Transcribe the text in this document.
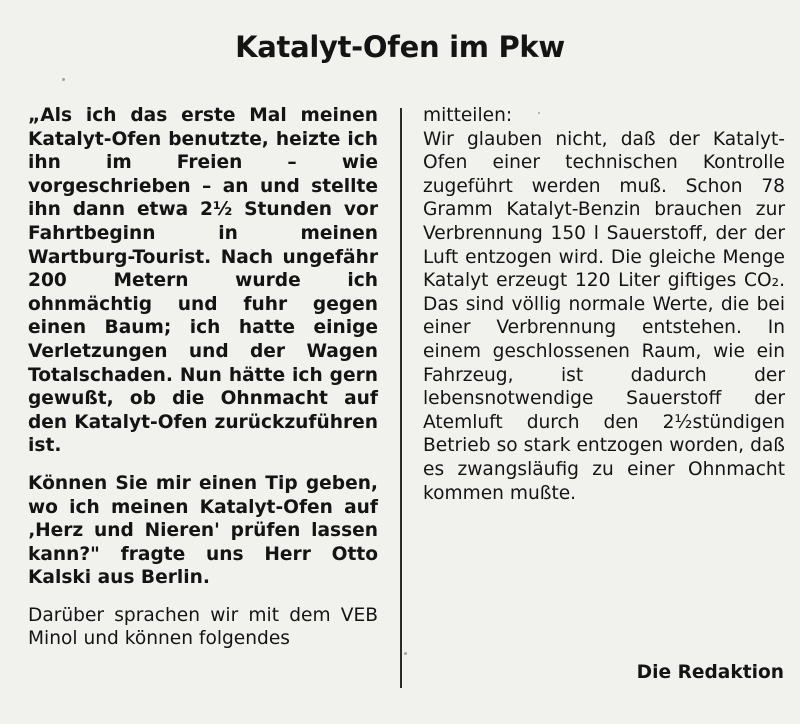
Katalyt-Ofen im Pkw

„Als ich das erste Mal meinen Katalyt-Ofen benutzte, heizte ich ihn im Freien – wie vorgeschrieben – an und stellte ihn dann etwa 2½ Stunden vor Fahrtbeginn in meinen Wartburg-Tourist. Nach ungefähr 200 Metern wurde ich ohnmächtig und fuhr gegen einen Baum; ich hatte einige Verletzungen und der Wagen Totalschaden. Nun hätte ich gern gewußt, ob die Ohnmacht auf den Katalyt-Ofen zurückzuführen ist.

Können Sie mir einen Tip geben, wo ich meinen Katalyt-Ofen auf ‚Herz und Nieren' prüfen lassen kann?" fragte uns Herr Otto Kalski aus Berlin.

Darüber sprachen wir mit dem VEB Minol und können folgendes

mitteilen:

Wir glauben nicht, daß der Katalyt-Ofen einer technischen Kontrolle zugeführt werden muß. Schon 78 Gramm Katalyt-Benzin brauchen zur Verbrennung 150 l Sauerstoff, der der Luft entzogen wird. Die gleiche Menge Katalyt erzeugt 120 Liter giftiges CO₂. Das sind völlig normale Werte, die bei einer Verbrennung entstehen. In einem geschlossenen Raum, wie ein Fahrzeug, ist dadurch der lebensnotwendige Sauerstoff der Atemluft durch den 2½stündigen Betrieb so stark entzogen worden, daß es zwangsläufig zu einer Ohnmacht kommen mußte.

Die Redaktion
